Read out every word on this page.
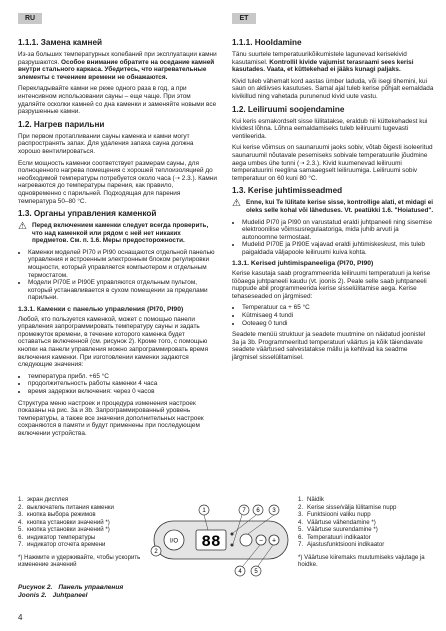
RU	ET
1.1.1. Замена камней

Из-за больших температурных колебаний при эксплуатации камни разрушаются. Особое внимание обратите на оседание камней внутри стального каркаса. Убедитесь, что нагревательные элементы с течением времени не обнажаются.

Перекладывайте камни не реже одного раза в год, а при интенсивном использовании сауны – еще чаще. При этом удаляйте осколки камней со дна каменки и заменяйте новыми все разрушенные камни.

1.2. Нагрев парильни

При первом протапливании сауны каменка и камни могут распространять запах. Для удаления запаха сауна должна хорошо вентилироваться.

Если мощность каменки соответствует размерам сауны, для полноценного нагрева помещения с хорошей теплоизоляцией до необходимой температуры потребуется около часа (➝ 2.3.). Камни нагреваются до температуры парения, как правило, одновременно с парильней. Подходящая для парения температура 50–80 °C.

1.3. Органы управления каменкой
⚠ Перед включением каменки следует всегда проверить, что над каменкой или рядом с ней нет никаких предметов. См. п. 1.6. Меры предосторожности.

• Каменки моделей PI70 и PI90 оснащаются отдельной панелью управления и встроенным электронным блоком регулировки мощности, который управляется компьютером и отдельным термостатом.
• Модели PI70E и PI90E управляются отдельным пультом, который устанавливается в сухом помещении за пределами парильни.
1.3.1. Каменки с панелью управления (PI70, PI90)

Любой, кто пользуется каменкой, может с помощью панели управления запрограммировать температуру сауны и задать промежуток времени, в течение которого каменка будет оставаться включенной (см. рисунок 2). Кроме того, с помощью кнопки на панели управления можно запрограммировать время включения каменки. При изготовлении каменки задаются следующие значения:

• температура прибл. +65 °C
• продолжительность работы каменки 4 часа
• время задержки включения: через 0 часов

Структура меню настроек и процедура изменения настроек показаны на рис. 3а и 3b. Запрограммированный уровень температуры, а также все значения дополнительных настроек сохраняются в памяти и будут применены при последующем включении устройства.

1.1.1. Hooldamine

Tänu suurtele temperatuurikõikumistele lagunevad kerisekivid kasutamisel. Kontrollil kivide vajumist terasraami sees kerisi kasutades. Vaata, et küttekehad ei jääks kunagi paljaks.

Kivid tuleb vähemalt kord aastas ümber laduda, või isegi tihemini, kui saun on aktiivses kasutuses. Samal ajal tuleb kerise põhjalt eemaldada kivikillud ning vahetada purunenud kivid uute vastu.

1.2. Leiliruumi soojendamine

Kui keris esmakordselt sisse lülitatakse, eraldub nii küttekehadest kui kividest lõhna. Lõhna eemaldamiseks tuleb leiliruumi tugevasti ventileerida.

Kui kerise võimsus on saunaruumi jaoks sobiv, võtab õigesti isoleeritud saunaruumil nõutavale pesemiseks sobivale temperatuurile jõudmine aega umbes ühe tunni (➝ 2.3.). Kivid kuumenevad leiliruumi temperatuurini reeglina samaaegselt leiliruumiga. Leiliruumi sobiv temperatuur on 60 kuni 80 °C.

1.3. Kerise juhtimisseadmed
⚠ Enne, kui Te lülitate kerise sisse, kontrollige alati, et midagi ei oleks selle kohal või läheduses. Vt. peatükki 1.6. "Hoiatused".

• Mudelid PI70 ja PI90 on varustatud eraldi juhtpaneeli ning sisemise elektroonilise võimsusregulaatoriga, mida juhib arvuti ja autonoomne termostaat.
• Mudelid PI70E ja PI90E vajavad eraldi juhtimiskeskust, mis tuleb paigaldada väljapoole leiliruumi kuiva kohta.
1.3.1. Kerised juhtimispaneeliga (PI70, PI90)

Kerise kasutaja saab programmeerida leiliruumi temperatuuri ja kerise tööaega juhtpaneeli kaudu (vt. joonis 2). Peale selle saab juhtpaneeli nuppude abil programmeerida kerise sisselülitamise aega. Kerise tehaseseaded on järgmised:

• Temperatuur ca + 65 °C
• Kütmisaeg 4 tundi
• Ooteaeg 0 tundi

Seadete menüü struktuur ja seadete muutmine on näidatud joonistel 3a ja 3b. Programmeeritud temperatuuri väärtus ja kõik täiendavate seadete väärtused salvestatakse mällu ja kehtivad ka seadme järgmisel sisselülitamisel.

1. экран дисплея
2. выключатель питания каменки
3. кнопка выбора режимов
4. кнопка установки значений *)
5. кнопка установки значений *)
6. индикатор температуры
7. индикатор отсчета времени
*) Нажмите и удерживайте, чтобы ускорить изменение значений
1. Näidik
2. Kerise sisse/välja lülitamise nupp
3. Funktsiooni valiku nupp
4. Väärtuse vähendamine *)
5. Väärtuse suurendamine *)
6. Temperatuuri indikaator
7. Ajastusfunktsiooni indikaator
*) Väärtuse kiiremaks muutumiseks vajutage ja hoidke.
I/O 88	− +
1
2
3
4 5
6
7
Рисунок 2. Панель управления
Joonis 2. Juhtpaneel
4
